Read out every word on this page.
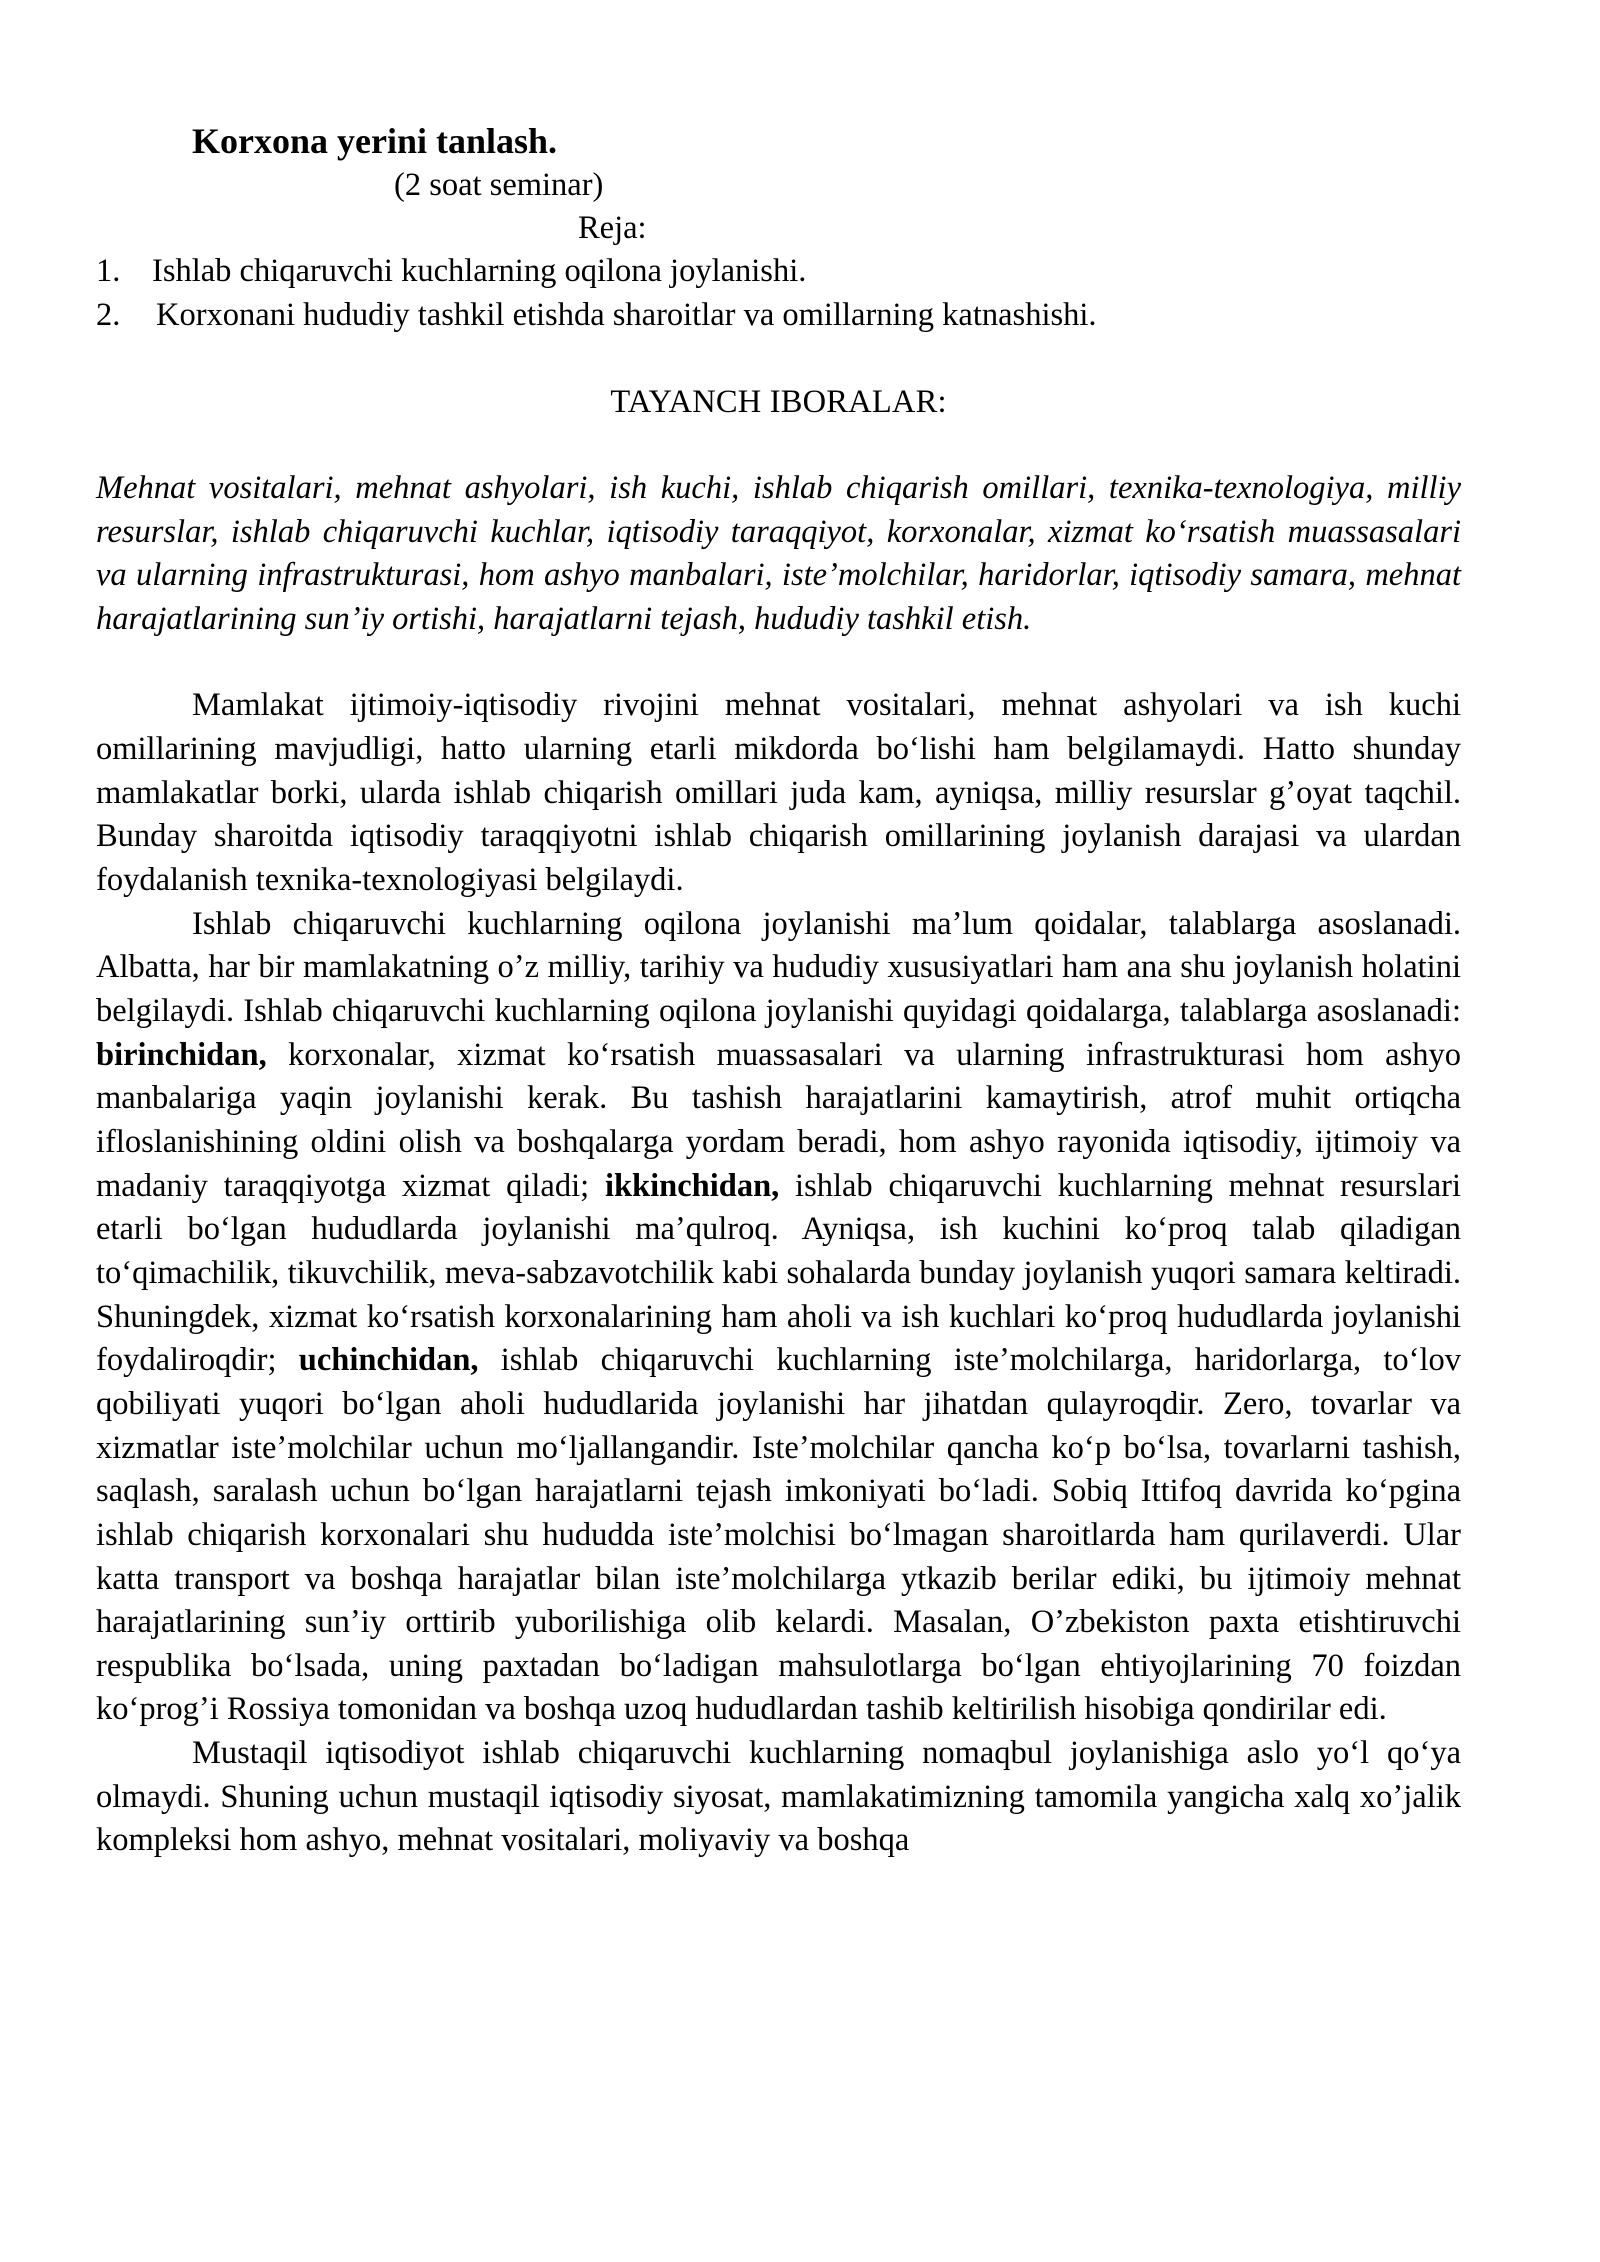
Korxona yerini tanlash.
(2 soat seminar)
Reja:
1. Ishlab chiqaruvchi kuchlarning oqilona joylanishi.
2. Korxonani hududiy tashkil etishda sharoitlar va omillarning katnashishi.
TAYANCH IBORALAR:

Mehnat vositalari, mehnat ashyolari, ish kuchi, ishlab chiqarish omillari, texnika-texnologiya, milliy resurslar, ishlab chiqaruvchi kuchlar, iqtisodiy taraqqiyot, korxonalar, xizmat koʻrsatish muassasalari va ularning infrastrukturasi, hom ashyo manbalari, isteʼmolchilar, haridorlar, iqtisodiy samara, mehnat harajatlarining sunʼiy ortishi, harajatlarni tejash, hududiy tashkil etish.

Mamlakat ijtimoiy-iqtisodiy rivojini mehnat vositalari, mehnat ashyolari va ish kuchi omillarining mavjudligi, hatto ularning etarli mikdorda boʻlishi ham belgilamaydi. Hatto shunday mamlakatlar borki, ularda ishlab chiqarish omillari juda kam, ayniqsa, milliy resurslar gʼoyat taqchil. Bunday sharoitda iqtisodiy taraqqiyotni ishlab chiqarish omillarining joylanish darajasi va ulardan foydalanish texnika-texnologiyasi belgilaydi.

Ishlab chiqaruvchi kuchlarning oqilona joylanishi maʼlum qoidalar, talablarga asoslanadi. Albatta, har bir mamlakatning oʼz milliy, tarihiy va hududiy xususiyatlari ham ana shu joylanish holatini belgilaydi. Ishlab chiqaruvchi kuchlarning oqilona joylanishi quyidagi qoidalarga, talablarga asoslanadi: birinchidan, korxonalar, xizmat koʻrsatish muassasalari va ularning infrastrukturasi hom ashyo manbalariga yaqin joylanishi kerak. Bu tashish harajatlarini kamaytirish, atrof muhit ortiqcha ifloslanishining oldini olish va boshqalarga yordam beradi, hom ashyo rayonida iqtisodiy, ijtimoiy va madaniy taraqqiyotga xizmat qiladi; ikkinchidan, ishlab chiqaruvchi kuchlarning mehnat resurslari etarli boʻlgan hududlarda joylanishi maʼqulroq. Ayniqsa, ish kuchini koʻproq talab qiladigan toʻqimachilik, tikuvchilik, meva-sabzavotchilik kabi sohalarda bunday joylanish yuqori samara keltiradi. Shuningdek, xizmat koʻrsatish korxonalarining ham aholi va ish kuchlari koʻproq hududlarda joylanishi foydaliroqdir; uchinchidan, ishlab chiqaruvchi kuchlarning isteʼmolchilarga, haridorlarga, toʻlov qobiliyati yuqori boʻlgan aholi hududlarida joylanishi har jihatdan qulayroqdir. Zero, tovarlar va xizmatlar isteʼmolchilar uchun moʻljallangandir. Isteʼmolchilar qancha koʻp boʻlsa, tovarlarni tashish, saqlash, saralash uchun boʻlgan harajatlarni tejash imkoniyati boʻladi. Sobiq Ittifoq davrida koʻpgina ishlab chiqarish korxonalari shu hududda isteʼmolchisi boʻlmagan sharoitlarda ham qurilaverdi. Ular katta transport va boshqa harajatlar bilan isteʼmolchilarga ytkazib berilar ediki, bu ijtimoiy mehnat harajatlarining sunʼiy orttirib yuborilishiga olib kelardi. Masalan, Oʼzbekiston paxta etishtiruvchi respublika boʻlsada, uning paxtadan boʻladigan mahsulotlarga boʻlgan ehtiyojlarining 70 foizdan koʻprogʼi Rossiya tomonidan va boshqa uzoq hududlardan tashib keltirilish hisobiga qondirilar edi.

Mustaqil iqtisodiyot ishlab chiqaruvchi kuchlarning nomaqbul joylanishiga aslo yoʻl qoʻya olmaydi. Shuning uchun mustaqil iqtisodiy siyosat, mamlakatimizning tamomila yangicha xalq xoʼjalik kompleksi hom ashyo, mehnat vositalari, moliyaviy va boshqa
